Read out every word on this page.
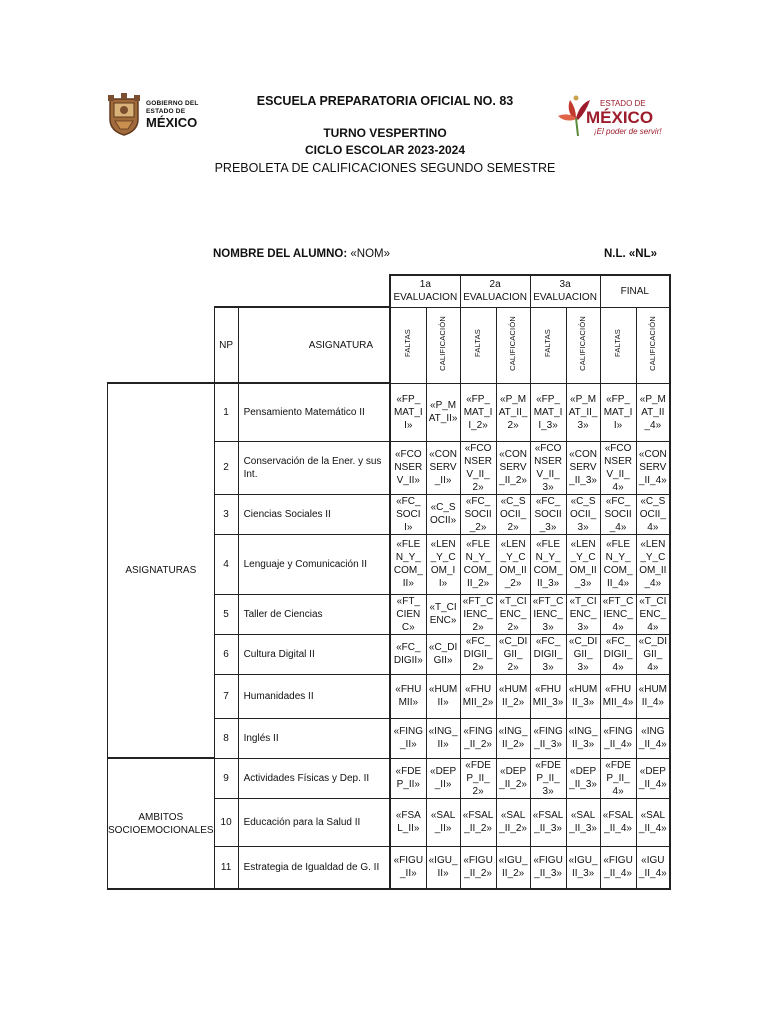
GOBIERNO DEL
ESTADO DE
MÉXICO
ESTADO DE
MÉXICO
¡El poder de servir!
ESCUELA PREPARATORIA OFICIAL NO. 83
TURNO VESPERTINO
CICLO ESCOLAR 2023-2024
PREBOLETA DE CALIFICACIONES SEGUNDO SEMESTRE
NOMBRE DEL ALUMNO: «NOM»	N.L. «NL»
			1a EVALUACION		2a EVALUACION		3a EVALUACION		FINAL	
	NP	ASIGNATURA	FALTAS	CALIFICACIÓN	FALTAS	CALIFICACIÓN	FALTAS	CALIFICACIÓN	FALTAS	CALIFICACIÓN
ASIGNATURAS	1	Pensamiento Matemático II	«FP_MAT_II»	«P_MAT_II»	«FP_MAT_II_2»	«P_MAT_II_2»	«FP_MAT_II_3»	«P_MAT_II_3»	«FP_MAT_II»	«P_MAT_II_4»
	2	Conservación de la Ener. y sus Int.	«FCONSERV_II»	«CONSERV_II»	«FCONSERV_II_2»	«CONSERV_II_2»	«FCONSERV_II_3»	«CONSERV_II_3»	«FCONSERV_II_4»	«CONSERV_II_4»
	3	Ciencias Sociales II	«FC_SOCII»	«C_SOCII»	«FC_SOCII_2»	«C_SOCII_2»	«FC_SOCII_3»	«C_SOCII_3»	«FC_SOCII_4»	«C_SOCII_4»
	4	Lenguaje y Comunicación II	«FLEN_Y_COM_II»	«LEN_Y_COM_II»	«FLEN_Y_COM_II_2»	«LEN_Y_COM_II_2»	«FLEN_Y_COM_II_3»	«LEN_Y_COM_II_3»	«FLEN_Y_COM_II_4»	«LEN_Y_COM_II_4»
	5	Taller de Ciencias	«FT_CIENC»	«T_CIENC»	«FT_CIENC_2»	«T_CIENC_2»	«FT_CIENC_3»	«T_CIENC_3»	«FT_CIENC_4»	«T_CIENC_4»
	6	Cultura Digital II	«FC_DIGII»	«C_DIGII»	«FC_DIGII_2»	«C_DIGII_2»	«FC_DIGII_3»	«C_DIGII_3»	«FC_DIGII_4»	«C_DIGII_4»
	7	Humanidades II	«FHUMII»	«HUMII»	«FHUMII_2»	«HUMII_2»	«FHUMII_3»	«HUMII_3»	«FHUMII_4»	«HUMII_4»
	8	Inglés II	«FING_II»	«ING_II»	«FING_II_2»	«ING_II_2»	«FING_II_3»	«ING_II_3»	«FING_II_4»	«ING_II_4»
AMBITOS SOCIOEMOCIONALES	9	Actividades Físicas y Dep. II	«FDEP_II»	«DEP_II»	«FDEP_II_2»	«DEP_II_2»	«FDEP_II_3»	«DEP_II_3»	«FDEP_II_4»	«DEP_II_4»
	10	Educación para la Salud II	«FSAL_II»	«SAL_II»	«FSAL_II_2»	«SAL_II_2»	«FSAL_II_3»	«SAL_II_3»	«FSAL_II_4»	«SAL_II_4»
	11	Estrategia de Igualdad de G. II	«FIGU_II»	«IGU_II»	«FIGU_II_2»	«IGU_II_2»	«FIGU_II_3»	«IGU_II_3»	«FIGU_II_4»	«IGU_II_4»
